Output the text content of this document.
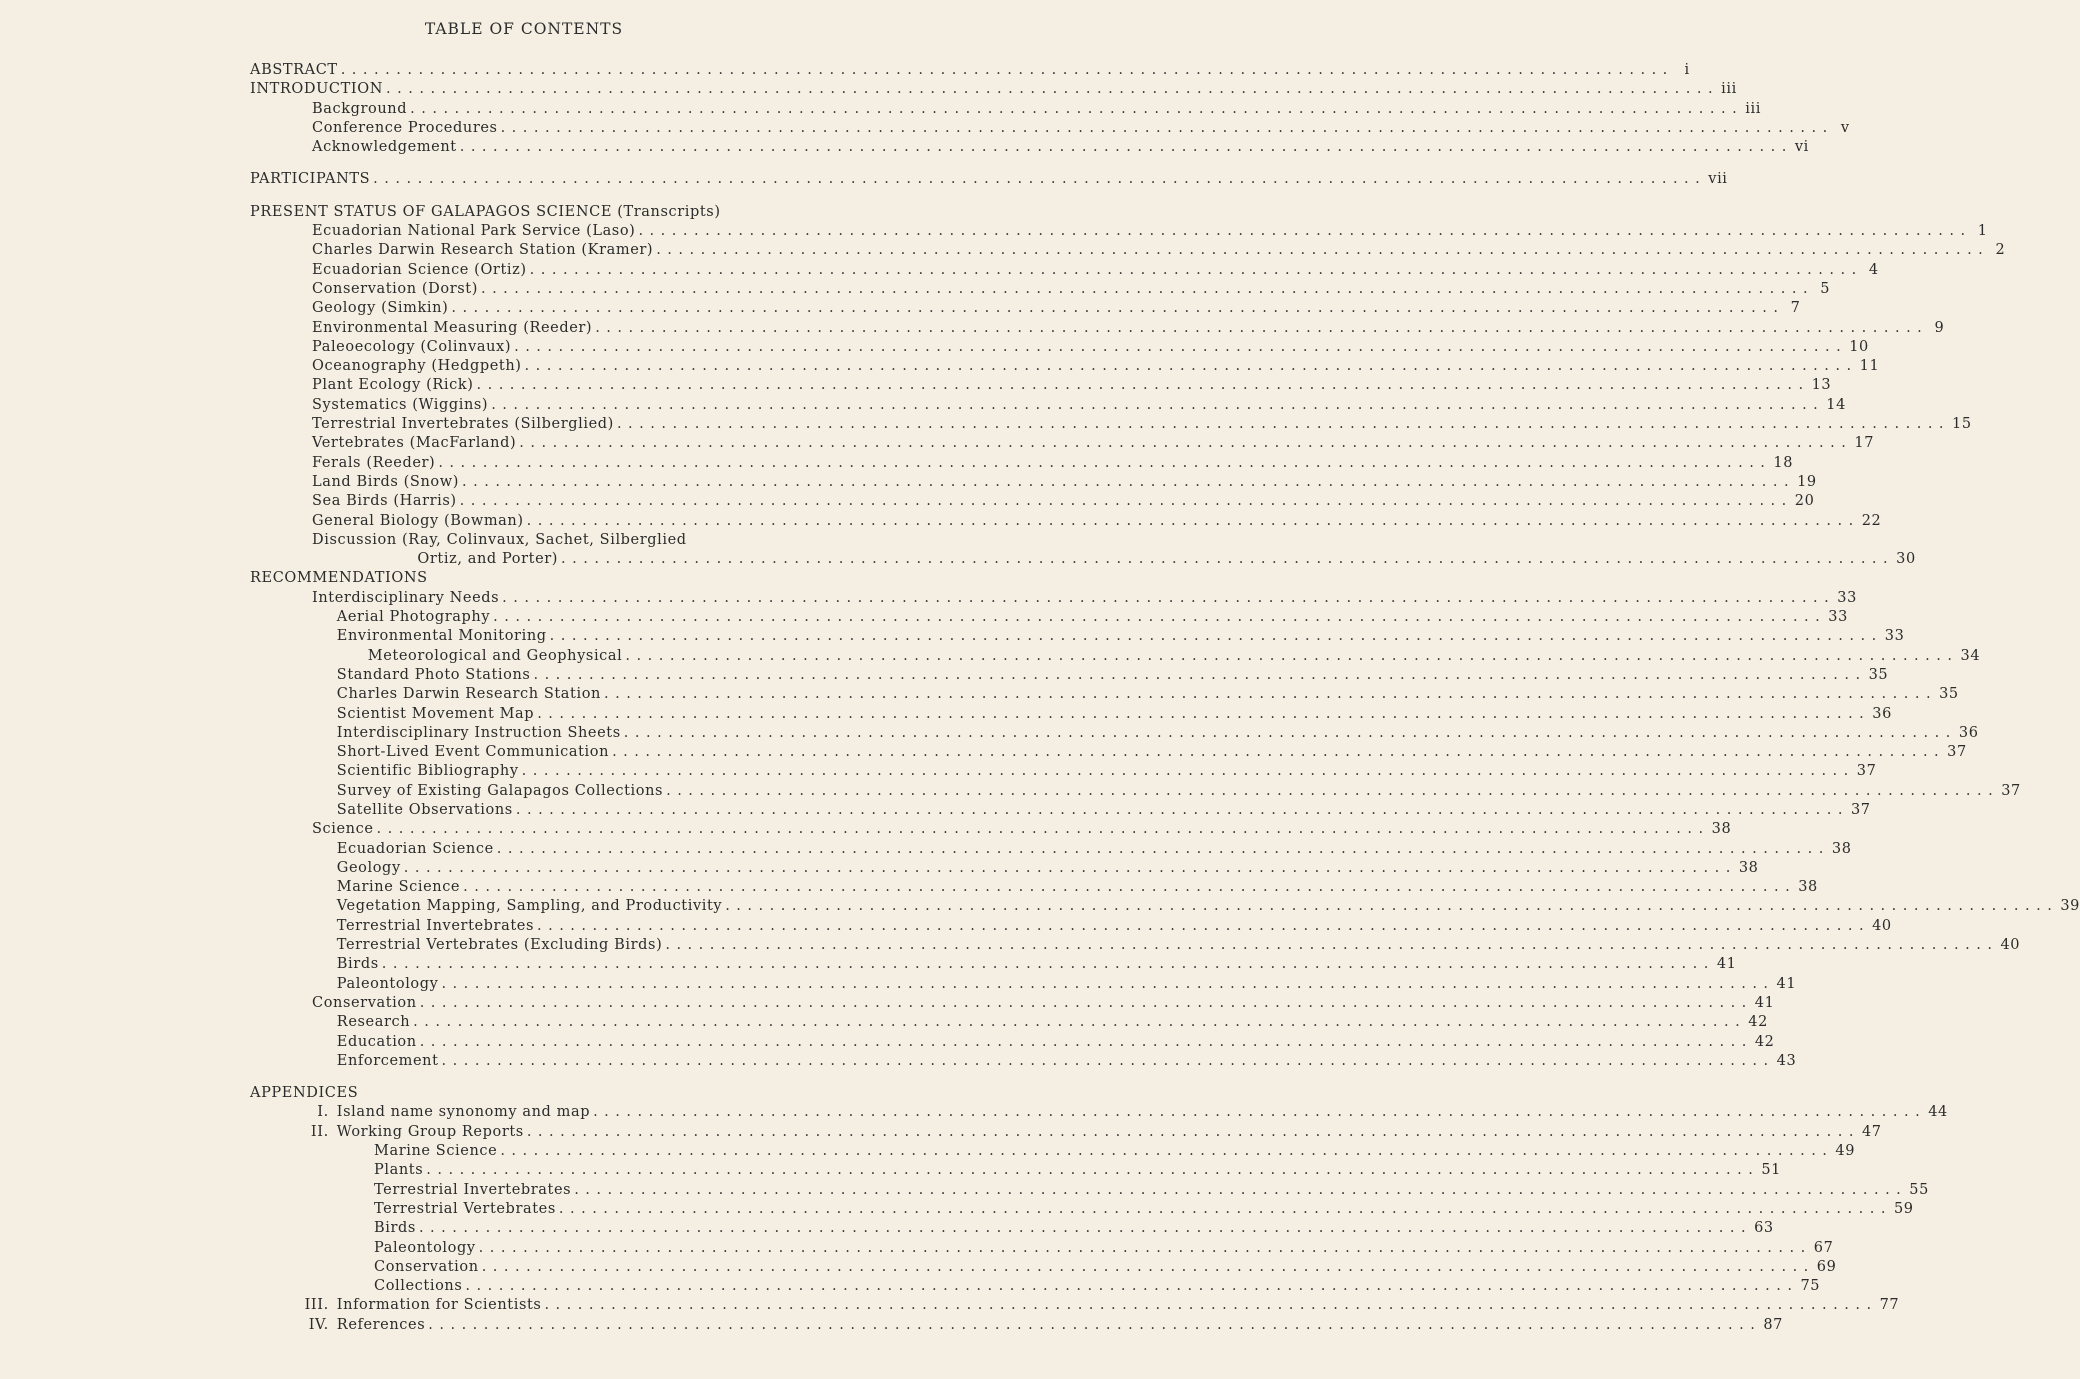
TABLE OF CONTENTS
ABSTRACT ........................................................................................................................ i
INTRODUCTION ........................................................................................................................ iii
Background ........................................................................................................................ iii
Conference Procedures ........................................................................................................................ v
Acknowledgement ........................................................................................................................ vi
PARTICIPANTS ........................................................................................................................ vii
PRESENT STATUS OF GALAPAGOS SCIENCE (Transcripts)
Ecuadorian National Park Service (Laso) ........................................................................................................................ 1
Charles Darwin Research Station (Kramer) ........................................................................................................................ 2
Ecuadorian Science (Ortiz) ........................................................................................................................ 4
Conservation (Dorst) ........................................................................................................................ 5
Geology (Simkin) ........................................................................................................................ 7
Environmental Measuring (Reeder) ........................................................................................................................ 9
Paleoecology (Colinvaux) ........................................................................................................................ 10
Oceanography (Hedgpeth) ........................................................................................................................ 11
Plant Ecology (Rick) ........................................................................................................................ 13
Systematics (Wiggins) ........................................................................................................................ 14
Terrestrial Invertebrates (Silberglied) ........................................................................................................................ 15
Vertebrates (MacFarland) ........................................................................................................................ 17
Ferals (Reeder) ........................................................................................................................ 18
Land Birds (Snow) ........................................................................................................................ 19
Sea Birds (Harris) ........................................................................................................................ 20
General Biology (Bowman) ........................................................................................................................ 22
Discussion (Ray, Colinvaux, Sachet, Silberglied
Ortiz, and Porter) ........................................................................................................................ 30
RECOMMENDATIONS
Interdisciplinary Needs ........................................................................................................................ 33
Aerial Photography ........................................................................................................................ 33
Environmental Monitoring ........................................................................................................................ 33
Meteorological and Geophysical ........................................................................................................................ 34
Standard Photo Stations ........................................................................................................................ 35
Charles Darwin Research Station ........................................................................................................................ 35
Scientist Movement Map ........................................................................................................................ 36
Interdisciplinary Instruction Sheets ........................................................................................................................ 36
Short-Lived Event Communication ........................................................................................................................ 37
Scientific Bibliography ........................................................................................................................ 37
Survey of Existing Galapagos Collections ........................................................................................................................ 37
Satellite Observations ........................................................................................................................ 37
Science ........................................................................................................................ 38
Ecuadorian Science ........................................................................................................................ 38
Geology ........................................................................................................................ 38
Marine Science ........................................................................................................................ 38
Vegetation Mapping, Sampling, and Productivity ........................................................................................................................ 39
Terrestrial Invertebrates ........................................................................................................................ 40
Terrestrial Vertebrates (Excluding Birds) ........................................................................................................................ 40
Birds ........................................................................................................................ 41
Paleontology ........................................................................................................................ 41
Conservation ........................................................................................................................ 41
Research ........................................................................................................................ 42
Education ........................................................................................................................ 42
Enforcement ........................................................................................................................ 43
APPENDICES
I. Island name synonomy and map ........................................................................................................................ 44
II. Working Group Reports ........................................................................................................................ 47
Marine Science ........................................................................................................................ 49
Plants ........................................................................................................................ 51
Terrestrial Invertebrates ........................................................................................................................ 55
Terrestrial Vertebrates ........................................................................................................................ 59
Birds ........................................................................................................................ 63
Paleontology ........................................................................................................................ 67
Conservation ........................................................................................................................ 69
Collections ........................................................................................................................ 75
III. Information for Scientists ........................................................................................................................ 77
IV. References ........................................................................................................................ 87
